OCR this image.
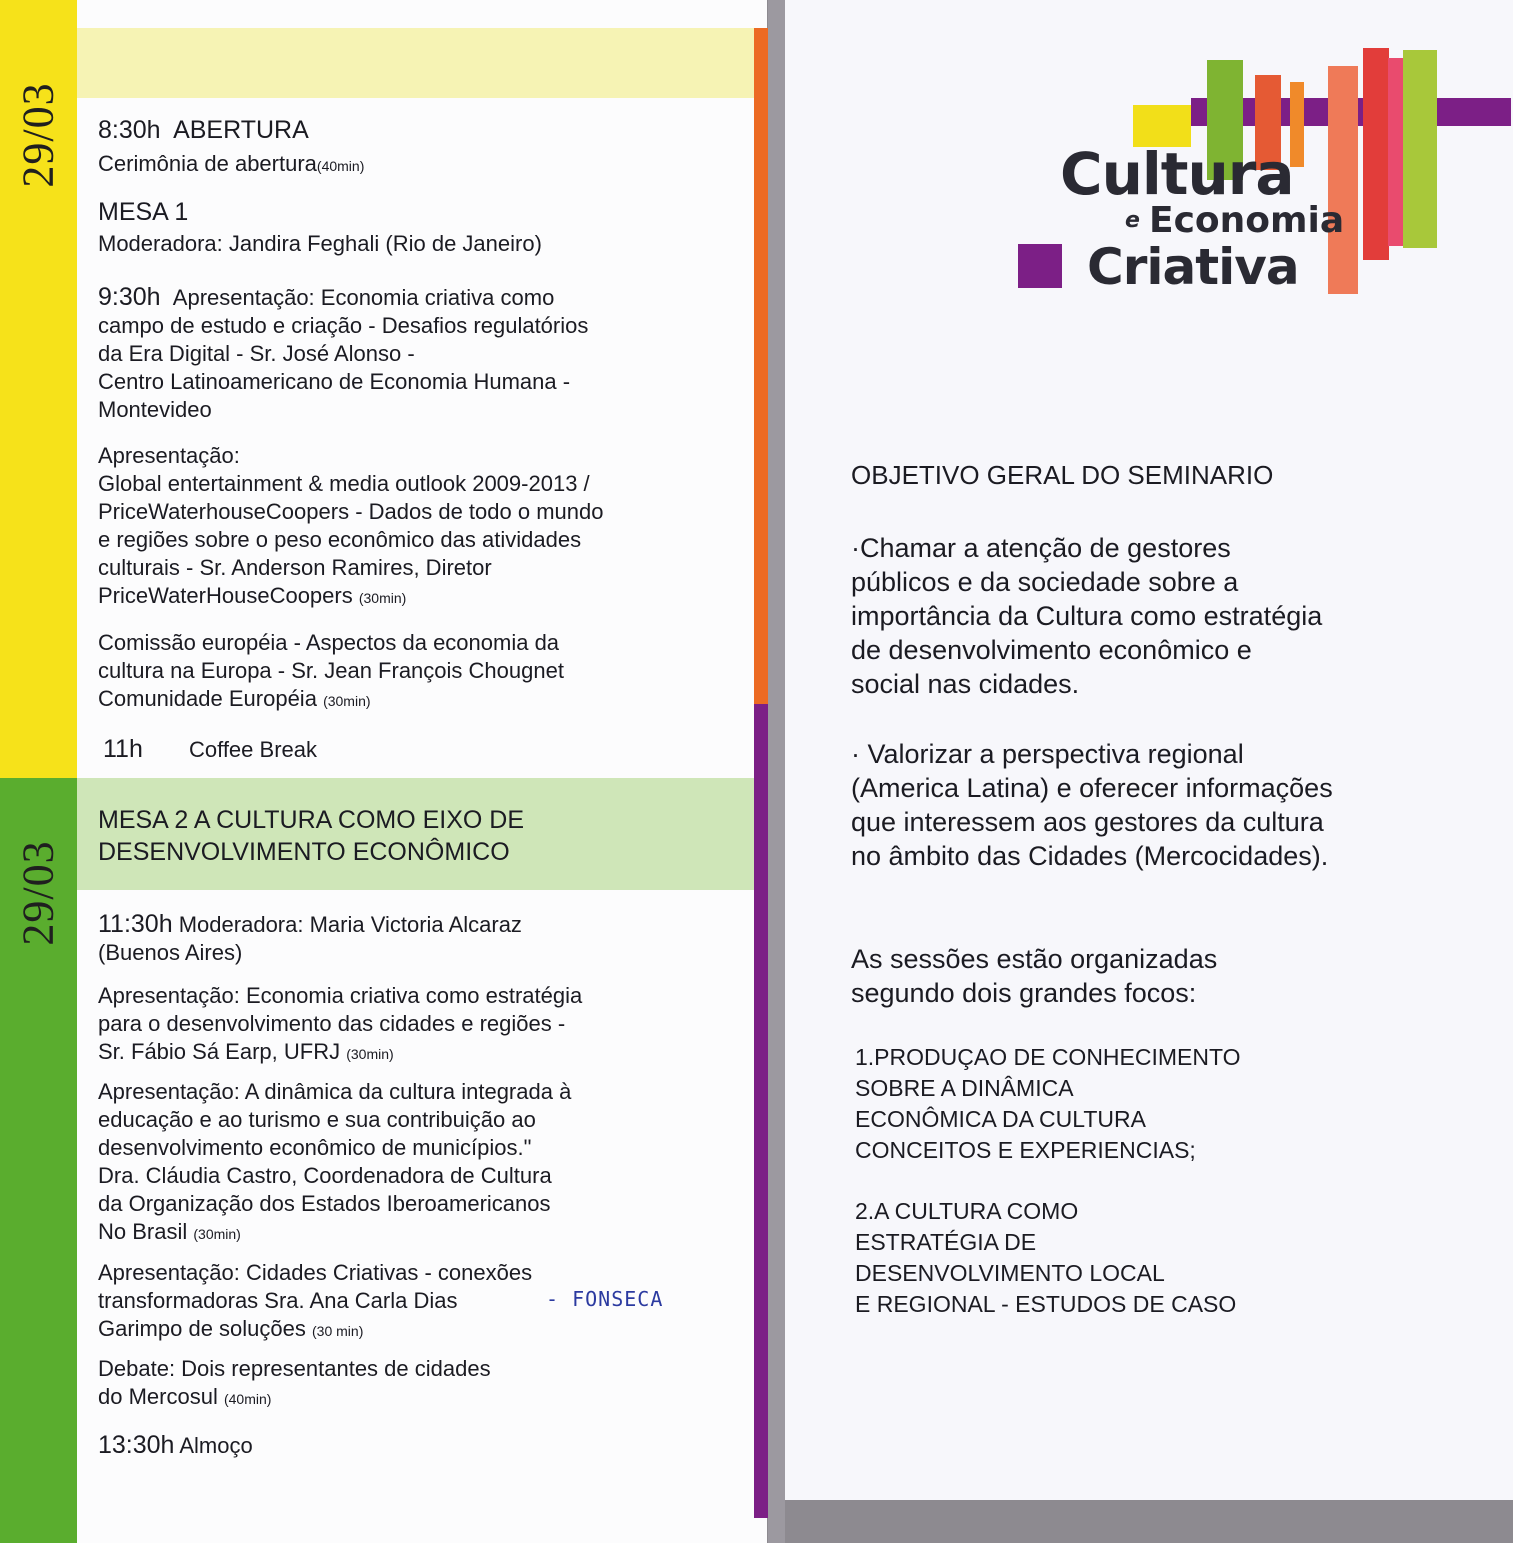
29/03
29/03
8:30h ABERTURA
Cerimônia de abertura(40min)
MESA 1
Moderadora: Jandira Feghali (Rio de Janeiro)
9:30h Apresentação: Economia criativa como
campo de estudo e criação - Desafios regulatórios
da Era Digital - Sr. José Alonso -
Centro Latinoamericano de Economia Humana -
Montevideo
Apresentação:
Global entertainment & media outlook 2009-2013 /
PriceWaterhouseCoopers - Dados de todo o mundo
e regiões sobre o peso econômico das atividades
culturais - Sr. Anderson Ramires, Diretor
PriceWaterHouseCoopers (30min)
Comissão européia - Aspectos da economia da
cultura na Europa - Sr. Jean François Chougnet
Comunidade Européia (30min)
11h Coffee Break
MESA 2 A CULTURA COMO EIXO DE
DESENVOLVIMENTO ECONÔMICO
11:30h Moderadora: Maria Victoria Alcaraz
(Buenos Aires)
Apresentação: Economia criativa como estratégia
para o desenvolvimento das cidades e regiões -
Sr. Fábio Sá Earp, UFRJ (30min)
Apresentação: A dinâmica da cultura integrada à
educação e ao turismo e sua contribuição ao
desenvolvimento econômico de municípios."
Dra. Cláudia Castro, Coordenadora de Cultura
da Organização dos Estados Iberoamericanos
No Brasil (30min)
Apresentação: Cidades Criativas - conexões
transformadoras Sra. Ana Carla Dias
Garimpo de soluções (30 min)
- FONSECA
Debate: Dois representantes de cidades
do Mercosul (40min)
13:30h Almoço
Cultura
e Economia
Criativa
OBJETIVO GERAL DO SEMINARIO
·Chamar a atenção de gestores
públicos e da sociedade sobre a
importância da Cultura como estratégia
de desenvolvimento econômico e
social nas cidades.
· Valorizar a perspectiva regional
(America Latina) e oferecer informações
que interessem aos gestores da cultura
no âmbito das Cidades (Mercocidades).
As sessões estão organizadas
segundo dois grandes focos:
1.PRODUÇAO DE CONHECIMENTO
SOBRE A DINÂMICA
ECONÔMICA DA CULTURA
CONCEITOS E EXPERIENCIAS;
2.A CULTURA COMO
ESTRATÉGIA DE
DESENVOLVIMENTO LOCAL
E REGIONAL - ESTUDOS DE CASO
